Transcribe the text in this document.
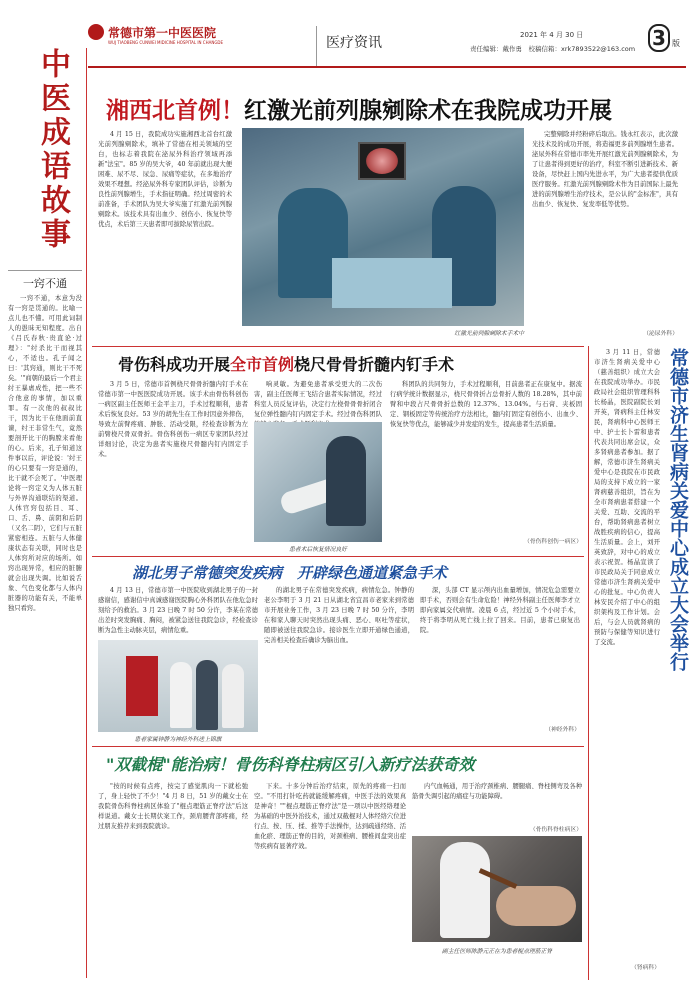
常德市第一中医医院
WUJ TIAOBENG CUNWEI MIDICINE HOSPITAL IN CHANGDE	医疗资讯	2021 年 4 月 30 日
责任编辑：戴作勇　校稿信箱：xrk7893522@163.com 3 版
中医成语故事
一窍不通
一窍不通，本意为没有一窍是贯通的。比喻一点儿也不懂。可用此词制人的愚昧无知程度。出自《吕氏春秋·贵直论·过理》："纣杀比干而视其心，不适也。孔子闻之曰：'其窍通，则比干不死矣。'"商朝的最后一个君主纣王暴虐成性，把一些不合他意的事情，加以重罪。有一次他的叔叔比干，因为比干在他面前直谏，纣王非常生气，竟然要剖开比干的胸膛来看他的心。后来，孔子知道这件事以后，评论说：'纣王的心只要有一窍是通的，比干就不会死了。'中医理论将一窍定义为人体五脏与外界沟通联结的渠道。人体官窍包括目、耳、口、舌、鼻、前阴和后阴（又名二阴），它们与五脏紧密相连。五脏与人体健康状态有关联，同时也是人体窍所对应的场所。如窍出现异常，相应的脏腑就会出现失调。比如说舌象、气色变化都与人体内脏器的功能有关，不能单独只看窍。
湘西北首例！红激光前列腺剜除术在我院成功开展
4 月 15 日，我院成功实施湘西北首台红激光前列腺剜除术，填补了常德在相关领域的空白，也标志着我院在泌尿外科治疗领域再添新"法宝"。85 岁的吴大爷，40 年前就出现大便困难、尿不尽、尿急、尿痛等症状，在多地治疗效果不理想。经泌尿外科专家团队评估，诊断为良性前列腺增生，手术指征明确。经过周密的术前准备，手术团队为吴大爷实施了红激光前列腺剜除术。该技术具有出血少、创伤小、恢复快等优点，术后第三天患者即可拔除尿管出院。
红激光前列腺剜除术手术中
完整剜除并经粉碎后取出。钱永红表示，此次激光技术及的成功开展，将造福更多前列腺增生患者。泌尿外科在常德市率先开展红激光前列腺剜除术，为了让患者得到更好的治疗，科室不断引进新技术、新设备，尽快赶上国内先进水平，为广大患者提供优质医疗服务。红激光前列腺剜除术作为目前国际上最先进的前列腺增生治疗技术，是公认的"金标准"，具有出血少、恢复快、复发率低等优势。
（泌尿外科）
骨伤科成功开展全市首例桡尺骨骨折髓内钉手术
3 月 5 日，常德市首例桡尺骨骨折髓内钉手术在常德市第一中医医院成功开展。该手术由骨伤科创伤一病区副主任医师王金平主刀，手术过程顺利，患者术后恢复良好。53 岁的胡先生在工作时因意外摔伤，导致左前臂疼痛、肿胀、活动受限，经检查诊断为左前臂桡尺骨双骨折。骨伤科创伤一病区专家团队经过详细讨论，决定为患者实施桡尺骨髓内钉内固定手术。
响灵敏。为避免患者承受更大的二次伤害，副主任医师王飞结合患者实际情况，经过科室人员反复评估，决定行左桡骨骨骨折闭合复位弹性髓内钉内固定手术。经过骨伤科团队
患者术后恢复情况良好
科团队的共同努力，手术过程顺利，目前患者正在康复中。据流行病学统计数据显示，桡尺骨骨折占总骨折人数的 18.28%，其中前臂和中段占尺骨骨折总数的 12.37%、13.04%。与石膏、夹板固定、钢板固定等传统治疗方法相比，髓内钉固定有创伤小、出血少、恢复快等优点，能够减少并发症的发生，提高患者生活质量。
（骨伤科创伤一病区）
湖北男子常德突发疾病　开辟绿色通道紧急手术
4 月 13 日，常德市第一中医院收到湖北男子的一封感谢信，感谢信中真诚感谢医院胸心外科团队在他危急时刻给予的救治。3 月 23 日晚 7 时 50 分许，李某在常德出差时突发胸痛、胸闷，被紧急送往我院急诊，经检查诊断为急性主动脉夹层，病情危重。
患者家属钟静为神经外科送上锦旗
的湖北男子在常德突发疾病，病情危急。钟静的老公李明于 3 月 21 日从湖北省宜昌市老家来到常德市开展业务工作，3 月 23 日晚 7 时 50 分许，李明在和家人聊天时突然出现头痛、恶心、呕吐等症状，随即被送往我院急诊。接诊医生立即开通绿色通道，完善相关检查后确诊为脑出血。
深，头部 CT 显示颅内出血量增加，情况危急需要立即手术，否则会有生命危险！神经外科副主任医师李才立即向家属交代病情。凌晨 6 点，经过近 5 个小时手术，终于将李明从死亡线上拉了回来。目前，患者已康复出院。
（神经外科）
"双截棍"能治病！骨伤科脊柱病区引入新疗法获奇效
"按的时候有点疼，按完了感觉肌肉一下就松弛了，身上轻快了不少！"4 月 8 日，51 岁的戴女士在我院骨伤科脊柱病区体验了"棍点理筋正脊疗法"后这样说道。戴女士长期伏案工作，颈肩腰背部疼痛，经过朋友推荐来到我院就诊。
下来。十多分钟后治疗结束，原先的疼痛一扫而空。"不用打针吃药就能缓解疼痛，中医手法的效果真是神奇！""棍点理筋正脊疗法"是一项以中医经络理论为基础的中医外治技术，通过双截棍对人体经络穴位进行点、按、压、揉、推等手法操作，达到疏通经络、活血化瘀、理筋正脊的目的，对颈椎病、腰椎间盘突出症等疾病有显著疗效。
内气血畅通，用于治疗颈椎病、腰腿痛、脊柱侧弯及各种筋骨失调引起的痛症与功能障碍。
（骨伤科脊柱病区）
副主任医师陈静元正在为患者棍点理筋正脊
3 月 11 日，常德市济生肾病关爱中心（慈善组织）成立大会在我院成功举办。市民政局社会组织管理科科长杨晶，医院副院长刘开英，肾病科主任林安民，肾病科中心医师王中、护士长卜雷和患者代表共同出席会议，众多肾病患者参加。据了解，常德市济生肾病关爱中心是我院在市民政局的支持下成立的一家肾病慈善组织，旨在为全市肾病患者搭建一个关爱、互助、交流的平台，帮助肾病患者树立战胜疾病的信心，提高生活质量。会上，刘开英致辞，对中心的成立表示祝贺。杨晶宣读了市民政局关于同意成立常德市济生肾病关爱中心的批复。中心负责人林安民介绍了中心的组织架构及工作计划。会后，与会人员就肾病的预防与保健等知识进行了交流。	常德市济生肾病关爱中心成立大会举行
（肾病科）
